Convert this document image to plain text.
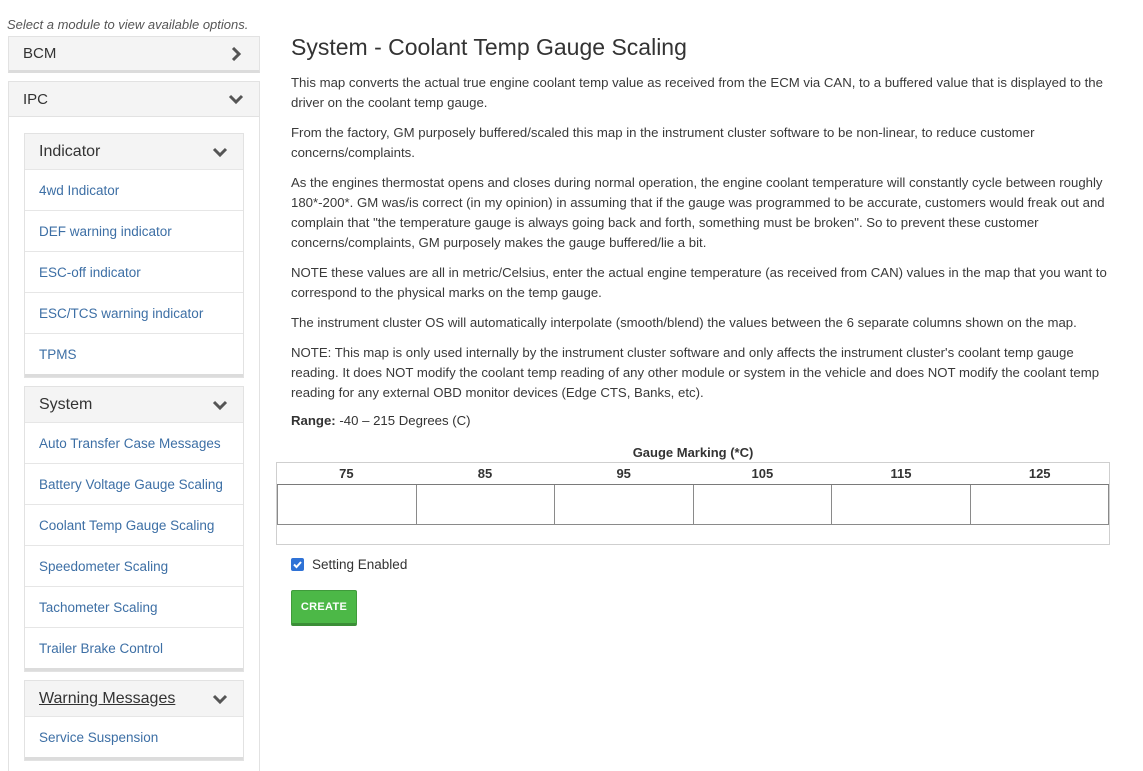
Select a module to view available options.
BCM
IPC
Indicator
4wd Indicator
DEF warning indicator
ESC-off indicator
ESC/TCS warning indicator
TPMS
System
Auto Transfer Case Messages
Battery Voltage Gauge Scaling
Coolant Temp Gauge Scaling
Speedometer Scaling
Tachometer Scaling
Trailer Brake Control
Warning Messages
Service Suspension
System - Coolant Temp Gauge Scaling

This map converts the actual true engine coolant temp value as received from the ECM via CAN, to a buffered value that is displayed to the driver on the coolant temp gauge.

From the factory, GM purposely buffered/scaled this map in the instrument cluster software to be non-linear, to reduce customer concerns/complaints.

As the engines thermostat opens and closes during normal operation, the engine coolant temperature will constantly cycle between roughly 180*-200*. GM was/is correct (in my opinion) in assuming that if the gauge was programmed to be accurate, customers would freak out and complain that "the temperature gauge is always going back and forth, something must be broken". So to prevent these customer concerns/complaints, GM purposely makes the gauge buffered/lie a bit.

NOTE these values are all in metric/Celsius, enter the actual engine temperature (as received from CAN) values in the map that you want to correspond to the physical marks on the temp gauge.

The instrument cluster OS will automatically interpolate (smooth/blend) the values between the 6 separate columns shown on the map.

NOTE: This map is only used internally by the instrument cluster software and only affects the instrument cluster's coolant temp gauge reading. It does NOT modify the coolant temp reading of any other module or system in the vehicle and does NOT modify the coolant temp reading for any external OBD monitor devices (Edge CTS, Banks, etc).

Range: -40 – 215 Degrees (C)

Gauge Marking (*C)
75	85	95	105	115	125
Setting Enabled
CREATE
